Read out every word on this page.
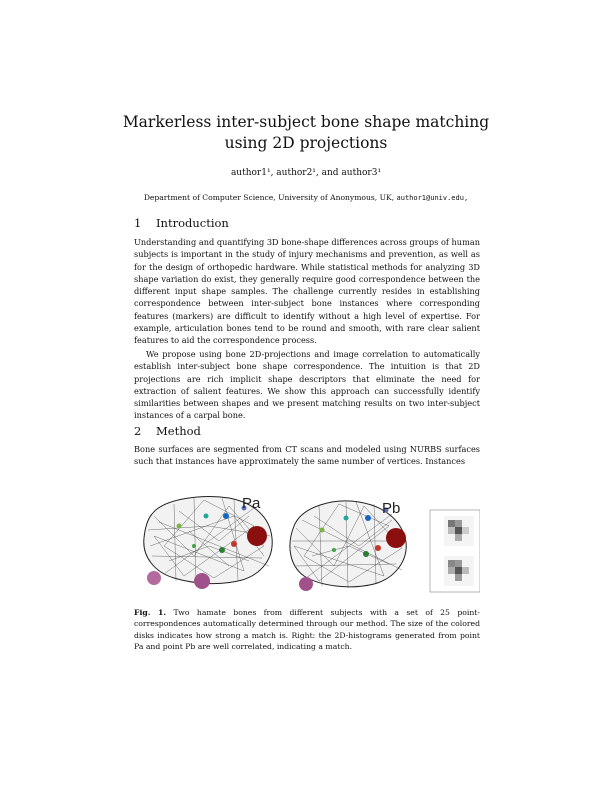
Markerless inter-subject bone shape matching
using 2D projections
author1¹, author2¹, and author3¹
Department of Computer Science, University of Anonymous, UK, author1@univ.edu,
1 Introduction
Understanding and quantifying 3D bone-shape differences across groups of human subjects is important in the study of injury mechanisms and prevention, as well as for the design of orthopedic hardware. While statistical methods for analyzing 3D shape variation do exist, they generally require good correspondence between the different input shape samples. The challenge currently resides in establishing correspondence between inter-subject bone instances where corresponding features (markers) are difficult to identify without a high level of expertise. For example, articulation bones tend to be round and smooth, with rare clear salient features to aid the correspondence process.
We propose using bone 2D-projections and image correlation to automatically establish inter-subject bone shape correspondence. The intuition is that 2D projections are rich implicit shape descriptors that eliminate the need for extraction of salient features. We show this approach can successfully identify similarities between shapes and we present matching results on two inter-subject instances of a carpal bone.
2 Method
Bone surfaces are segmented from CT scans and modeled using NURBS surfaces such that instances have approximately the same number of vertices. Instances
Pa	Pb
Fig. 1. Two hamate bones from different subjects with a set of 25 point-correspondences automatically determined through our method. The size of the colored disks indicates how strong a match is. Right: the 2D-histograms generated from point Pa and point Pb are well correlated, indicating a match.
